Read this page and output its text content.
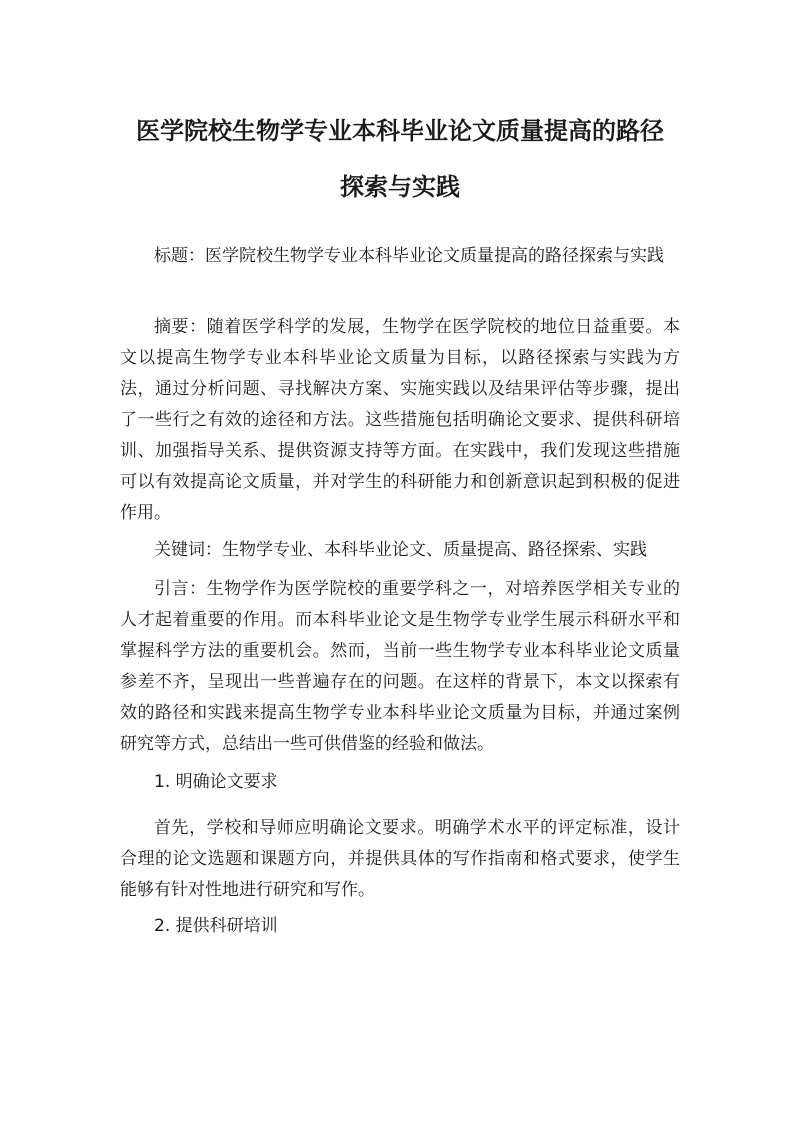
医学院校生物学专业本科毕业论文质量提高的路径
探索与实践

标题：医学院校生物学专业本科毕业论文质量提高的路径探索与实践

摘要：随着医学科学的发展，生物学在医学院校的地位日益重要。本文以提高生物学专业本科毕业论文质量为目标，以路径探索与实践为方法，通过分析问题、寻找解决方案、实施实践以及结果评估等步骤，提出了一些行之有效的途径和方法。这些措施包括明确论文要求、提供科研培训、加强指导关系、提供资源支持等方面。在实践中，我们发现这些措施可以有效提高论文质量，并对学生的科研能力和创新意识起到积极的促进作用。

关键词：生物学专业、本科毕业论文、质量提高、路径探索、实践

引言：生物学作为医学院校的重要学科之一，对培养医学相关专业的人才起着重要的作用。而本科毕业论文是生物学专业学生展示科研水平和掌握科学方法的重要机会。然而，当前一些生物学专业本科毕业论文质量参差不齐，呈现出一些普遍存在的问题。在这样的背景下，本文以探索有效的路径和实践来提高生物学专业本科毕业论文质量为目标，并通过案例研究等方式，总结出一些可供借鉴的经验和做法。

1. 明确论文要求

首先，学校和导师应明确论文要求。明确学术水平的评定标准，设计合理的论文选题和课题方向，并提供具体的写作指南和格式要求，使学生能够有针对性地进行研究和写作。

2. 提供科研培训
